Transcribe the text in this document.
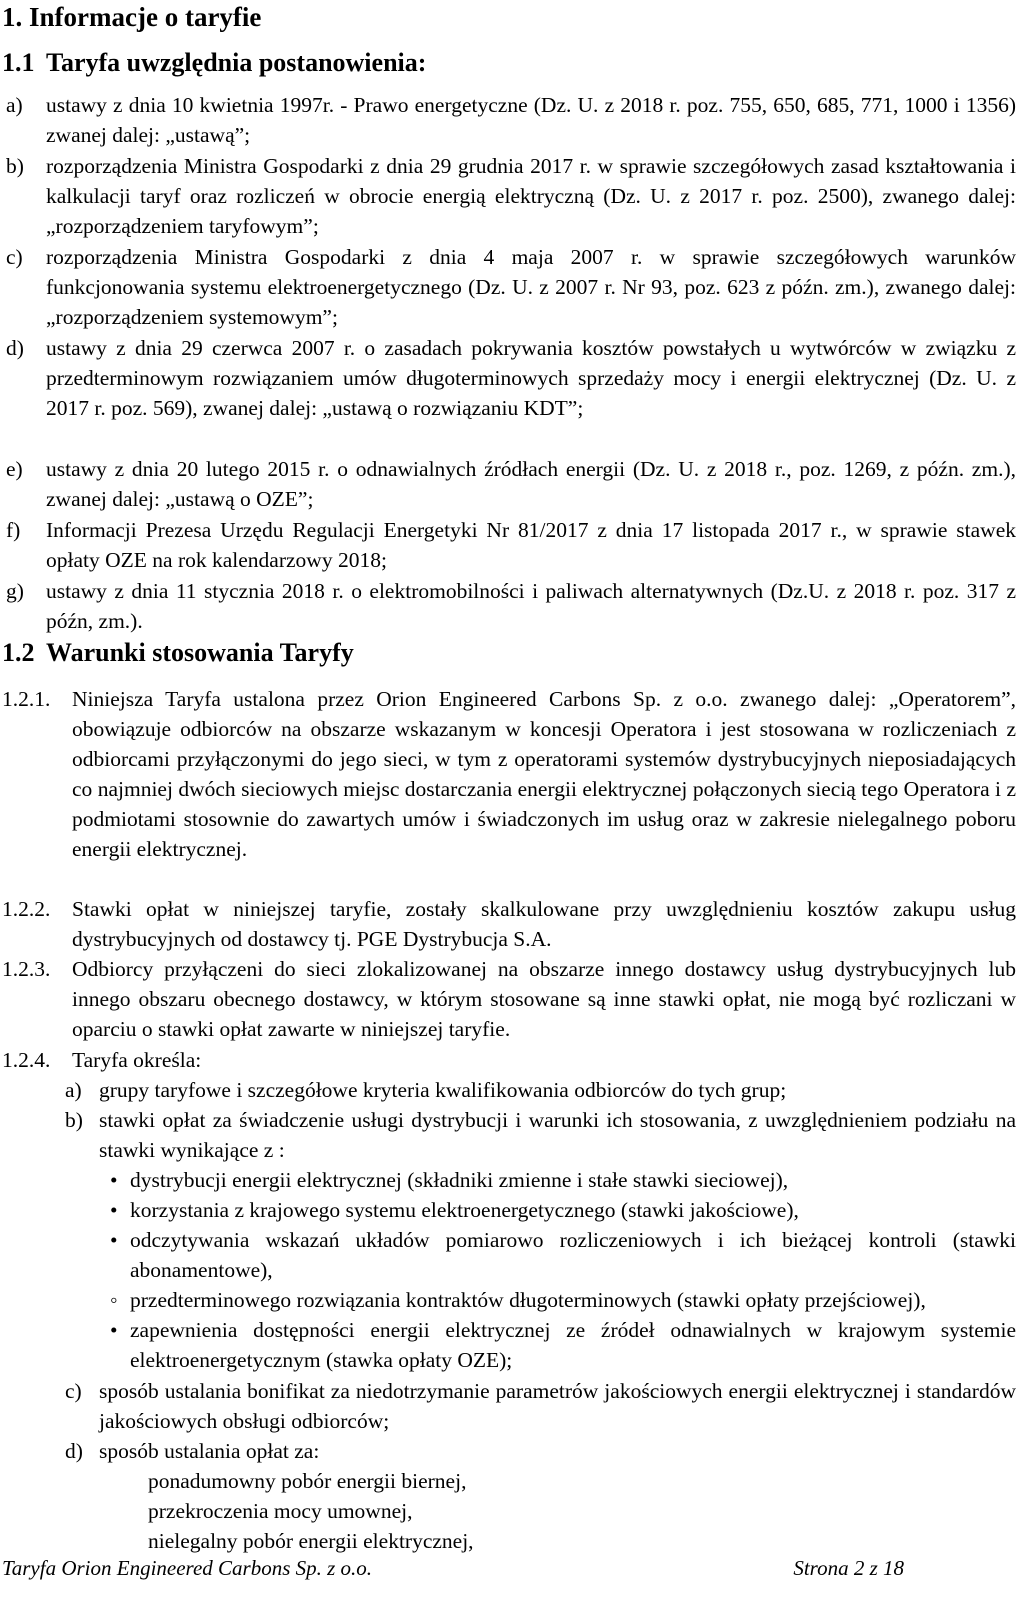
1. Informacje o taryfie
1.1 Taryfa uwzględnia postanowienia:
a) ustawy z dnia 10 kwietnia 1997r. - Prawo energetyczne (Dz. U. z 2018 r. poz. 755, 650, 685, 771, 1000 i 1356) zwanej dalej: „ustawą”;
b) rozporządzenia Ministra Gospodarki z dnia 29 grudnia 2017 r. w sprawie szczegółowych zasad kształtowania i kalkulacji taryf oraz rozliczeń w obrocie energią elektryczną (Dz. U. z 2017 r. poz. 2500), zwanego dalej: „rozporządzeniem taryfowym”;
c) rozporządzenia Ministra Gospodarki z dnia 4 maja 2007 r. w sprawie szczegółowych warunków funkcjonowania systemu elektroenergetycznego (Dz. U. z 2007 r. Nr 93, poz. 623 z późn. zm.), zwanego dalej: „rozporządzeniem systemowym”;
d) ustawy z dnia 29 czerwca 2007 r. o zasadach pokrywania kosztów powstałych u wytwórców w związku z przedterminowym rozwiązaniem umów długoterminowych sprzedaży mocy i energii elektrycznej (Dz. U. z 2017 r. poz. 569), zwanej dalej: „ustawą o rozwiązaniu KDT”;
e) ustawy z dnia 20 lutego 2015 r. o odnawialnych źródłach energii (Dz. U. z 2018 r., poz. 1269, z późn. zm.), zwanej dalej: „ustawą o OZE”;
f) Informacji Prezesa Urzędu Regulacji Energetyki Nr 81/2017 z dnia 17 listopada 2017 r., w sprawie stawek opłaty OZE na rok kalendarzowy 2018;
g) ustawy z dnia 11 stycznia 2018 r. o elektromobilności i paliwach alternatywnych (Dz.U. z 2018 r. poz. 317 z późn, zm.).
1.2 Warunki stosowania Taryfy
1.2.1. Niniejsza Taryfa ustalona przez Orion Engineered Carbons Sp. z o.o. zwanego dalej: „Operatorem”, obowiązuje odbiorców na obszarze wskazanym w koncesji Operatora i jest stosowana w rozliczeniach z odbiorcami przyłączonymi do jego sieci, w tym z operatorami systemów dystrybucyjnych nieposiadających co najmniej dwóch sieciowych miejsc dostarczania energii elektrycznej połączonych siecią tego Operatora i z podmiotami stosownie do zawartych umów i świadczonych im usług oraz w zakresie nielegalnego poboru energii elektrycznej.
1.2.2. Stawki opłat w niniejszej taryfie, zostały skalkulowane przy uwzględnieniu kosztów zakupu usług dystrybucyjnych od dostawcy tj. PGE Dystrybucja S.A.
1.2.3. Odbiorcy przyłączeni do sieci zlokalizowanej na obszarze innego dostawcy usług dystrybucyjnych lub innego obszaru obecnego dostawcy, w którym stosowane są inne stawki opłat, nie mogą być rozliczani w oparciu o stawki opłat zawarte w niniejszej taryfie.
1.2.4. Taryfa określa:
a) grupy taryfowe i szczegółowe kryteria kwalifikowania odbiorców do tych grup;
b) stawki opłat za świadczenie usługi dystrybucji i warunki ich stosowania, z uwzględnieniem podziału na stawki wynikające z :
• dystrybucji energii elektrycznej (składniki zmienne i stałe stawki sieciowej),
• korzystania z krajowego systemu elektroenergetycznego (stawki jakościowe),
• odczytywania wskazań układów pomiarowo rozliczeniowych i ich bieżącej kontroli (stawki abonamentowe),
◦ przedterminowego rozwiązania kontraktów długoterminowych (stawki opłaty przejściowej),
• zapewnienia dostępności energii elektrycznej ze źródeł odnawialnych w krajowym systemie elektroenergetycznym (stawka opłaty OZE);
c) sposób ustalania bonifikat za niedotrzymanie parametrów jakościowych energii elektrycznej i standardów jakościowych obsługi odbiorców;
d) sposób ustalania opłat za:
ponadumowny pobór energii biernej,
przekroczenia mocy umownej,
nielegalny pobór energii elektrycznej,
Taryfa Orion Engineered Carbons Sp. z o.o.	Strona 2 z 18
